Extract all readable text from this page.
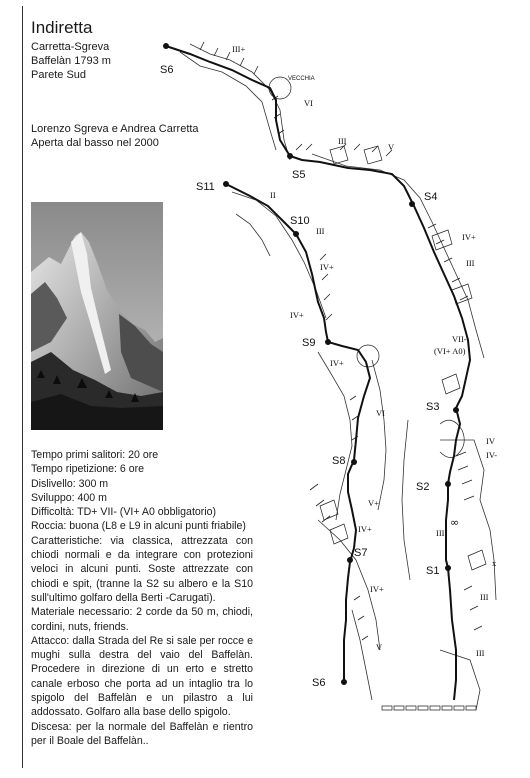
Indiretta
Carretta-Sgreva
Baffelàn 1793 m
Parete Sud
Lorenzo Sgreva e Andrea Carretta
Aperta dal basso nel 2000

Tempo primi salitori: 20 ore

Tempo ripetizione: 6 ore

Dislivello: 300 m

Sviluppo: 400 m

Difficoltà: TD+ VII- (VI+ A0 obbligatorio)

Roccia: buona (L8 e L9 in alcuni punti friabile)

Caratteristiche: via classica, attrezzata con chiodi normali e da integrare con protezioni veloci in alcuni punti. Soste attrezzate con chiodi e spit, (tranne la S2 su albero e la S10 sull'ultimo golfaro della Berti -Carugati).

Materiale necessario: 2 corde da 50 m, chiodi, cordini, nuts, friends.

Attacco: dalla Strada del Re si sale per rocce e mughi sulla destra del vaio del Baffelàn. Procedere in direzione di un erto e stretto canale erboso che porta ad un intaglio tra lo spigolo del Baffelàn e un pilastro a lui addossato. Golfaro alla base dello spigolo.

Discesa: per la normale del Baffelàn e rientro per il Boale del Baffelàn..

S6
S5
S4
S11
S10
S9
S3
S8
S2
S7
S1
S6
III+
VI
III
V
IV+
III
VII-
(VI+ A0)
IV
IV-
III
III
III
II
III
IV+
IV+
IV+
VI
V+
IV+
IV+
V
VECCHIA
x
∞
